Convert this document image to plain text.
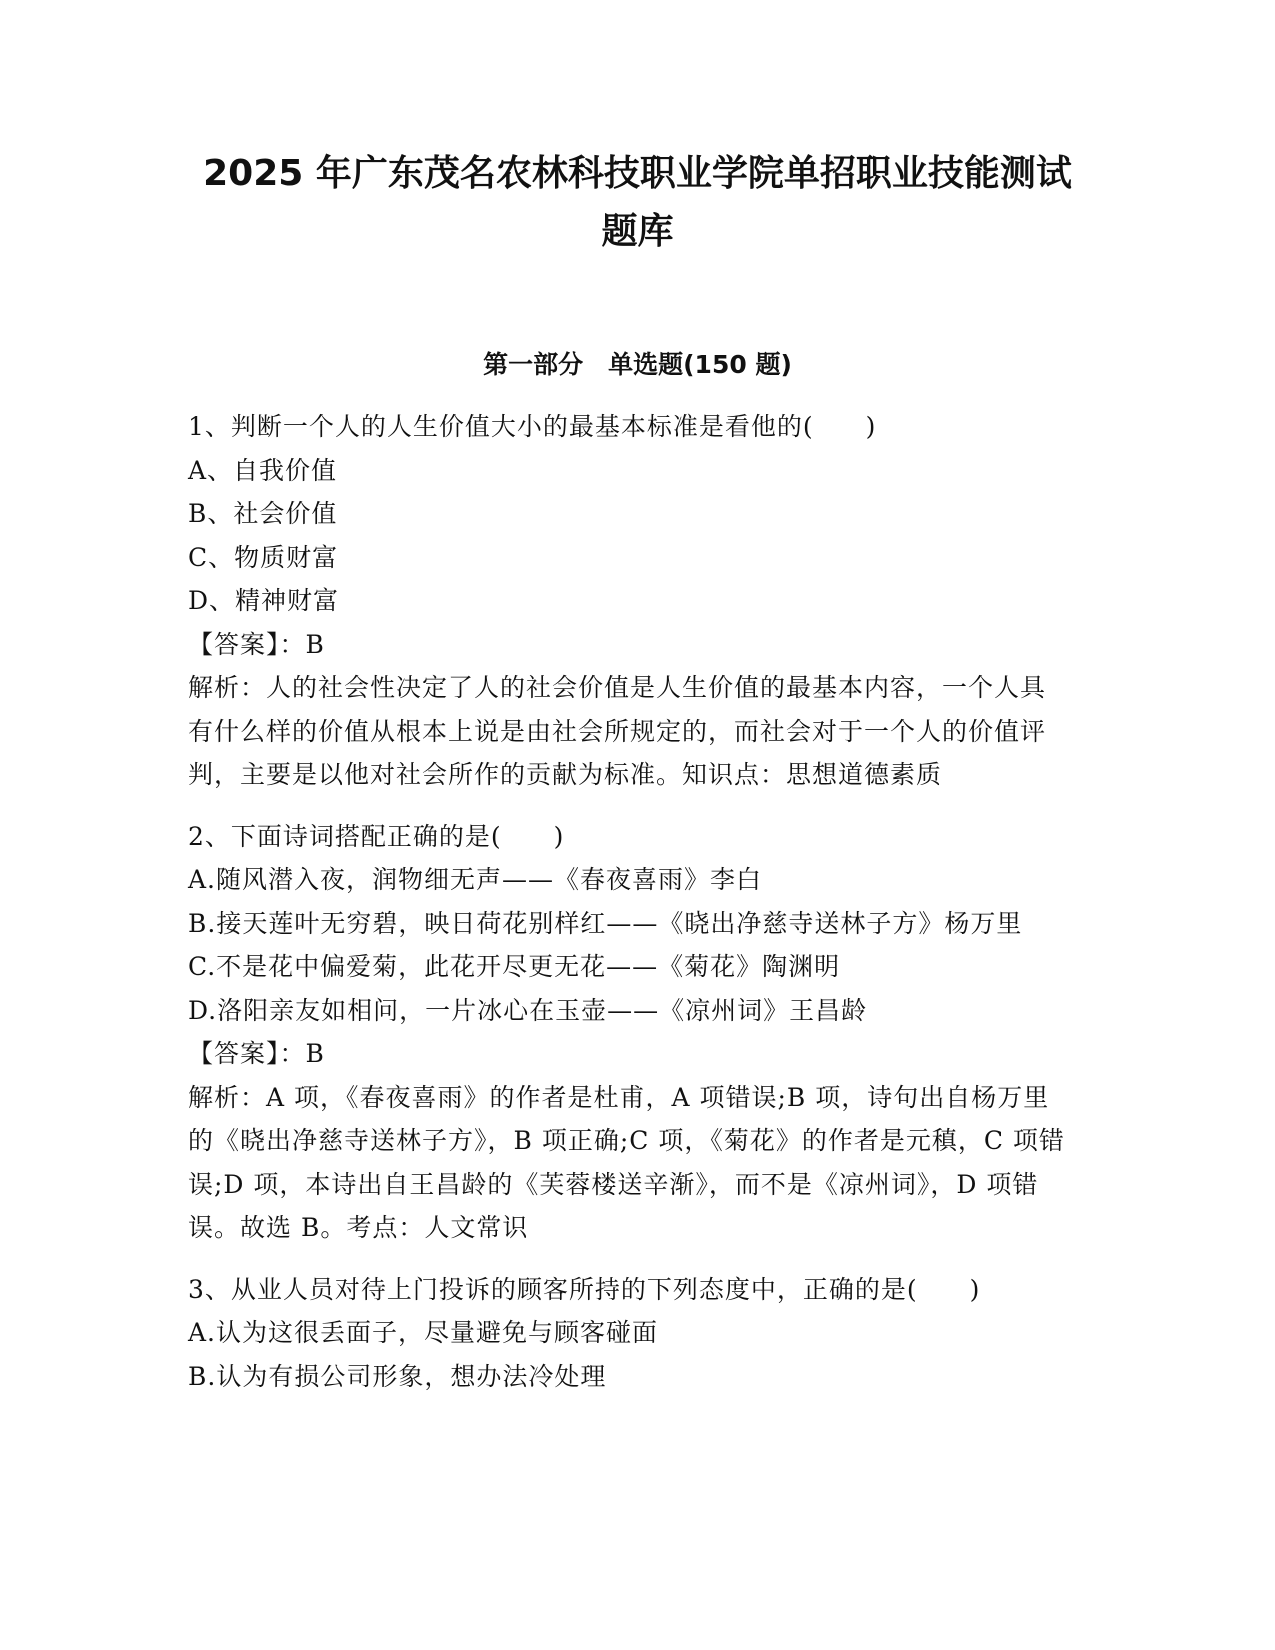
2025 年广东茂名农林科技职业学院单招职业技能测试
题库
第一部分　单选题(150 题)
1、判断一个人的人生价值大小的最基本标准是看他的(　　)
A、自我价值
B、社会价值
C、物质财富
D、精神财富
【答案】：B
解析：人的社会性决定了人的社会价值是人生价值的最基本内容，一个人具有什么样的价值从根本上说是由社会所规定的，而社会对于一个人的价值评判，主要是以他对社会所作的贡献为标准。知识点：思想道德素质
2、下面诗词搭配正确的是(　　)
A.随风潜入夜，润物细无声——《春夜喜雨》李白
B.接天莲叶无穷碧，映日荷花别样红——《晓出净慈寺送林子方》杨万里
C.不是花中偏爱菊，此花开尽更无花——《菊花》陶渊明
D.洛阳亲友如相问，一片冰心在玉壶——《凉州词》王昌龄
【答案】：B
解析：A 项，《春夜喜雨》的作者是杜甫，A 项错误;B 项，诗句出自杨万里的《晓出净慈寺送林子方》，B 项正确;C 项，《菊花》的作者是元稹，C 项错误;D 项，本诗出自王昌龄的《芙蓉楼送辛渐》，而不是《凉州词》，D 项错误。故选 B。考点：人文常识
3、从业人员对待上门投诉的顾客所持的下列态度中，正确的是(　　)
A.认为这很丢面子，尽量避免与顾客碰面
B.认为有损公司形象，想办法冷处理
